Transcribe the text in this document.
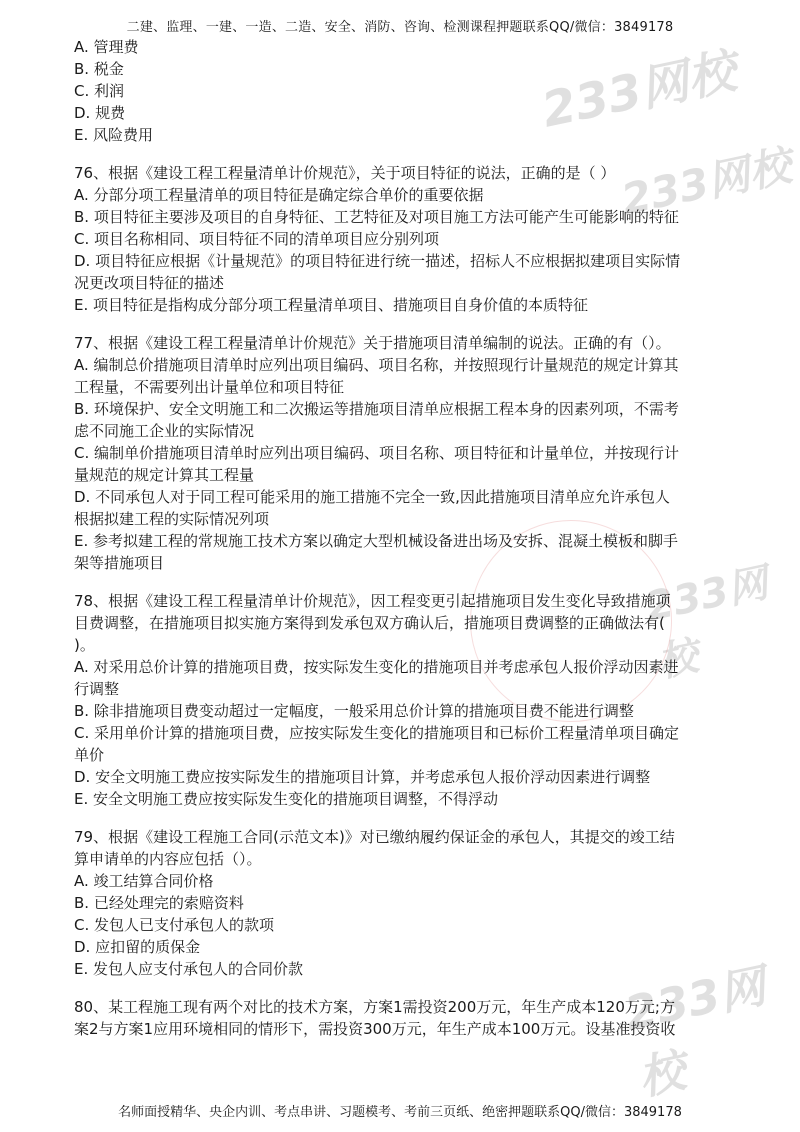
二建、监理、一建、一造、二造、安全、消防、咨询、检测课程押题联系QQ/微信：3849178
233网校
233网校
233网校
233网校
A. 管理费
B. 税金
C. 利润
D. 规费
E. 风险费用
76、根据《建设工程工程量清单计价规范》，关于项目特征的说法，正确的是（ ）
A. 分部分项工程量清单的项目特征是确定综合单价的重要依据
B. 项目特征主要涉及项目的自身特征、工艺特征及对项目施工方法可能产生可能影响的特征
C. 项目名称相同、项目特征不同的清单项目应分别列项
D. 项目特征应根据《计量规范》的项目特征进行统一描述，招标人不应根据拟建项目实际情
况更改项目特征的描述
E. 项目特征是指构成分部分项工程量清单项目、措施项目自身价值的本质特征
77、根据《建设工程工程量清单计价规范》关于措施项目清单编制的说法。正确的有（）。
A. 编制总价措施项目清单时应列出项目编码、项目名称，并按照现行计量规范的规定计算其
工程量，不需要列出计量单位和项目特征
B. 环境保护、安全文明施工和二次搬运等措施项目清单应根据工程本身的因素列项，不需考
虑不同施工企业的实际情况
C. 编制单价措施项目清单时应列出项目编码、项目名称、项目特征和计量单位，并按现行计
量规范的规定计算其工程量
D. 不同承包人对于同工程可能采用的施工措施不完全一致,因此措施项目清单应允许承包人
根据拟建工程的实际情况列项
E. 参考拟建工程的常规施工技术方案以确定大型机械设备进出场及安拆、混凝土模板和脚手
架等措施项目
78、根据《建设工程工程量清单计价规范》，因工程变更引起措施项目发生变化导致措施项
目费调整，在措施项目拟实施方案得到发承包双方确认后，措施项目费调整的正确做法有(
)。
A. 对采用总价计算的措施项目费，按实际发生变化的措施项目并考虑承包人报价浮动因素进
行调整
B. 除非措施项目费变动超过一定幅度，一般采用总价计算的措施项目费不能进行调整
C. 采用单价计算的措施项目费，应按实际发生变化的措施项目和已标价工程量清单项目确定
单价
D. 安全文明施工费应按实际发生的措施项目计算，并考虑承包人报价浮动因素进行调整
E. 安全文明施工费应按实际发生变化的措施项目调整，不得浮动
79、根据《建设工程施工合同(示范文本)》对已缴纳履约保证金的承包人，其提交的竣工结
算申请单的内容应包括（）。
A. 竣工结算合同价格
B. 已经处理完的索赔资料
C. 发包人已支付承包人的款项
D. 应扣留的质保金
E. 发包人应支付承包人的合同价款
80、某工程施工现有两个对比的技术方案，方案1需投资200万元，年生产成本120万元;方
案2与方案1应用环境相同的情形下，需投资300万元，年生产成本100万元。设基准投资收
名师面授精华、央企内训、考点串讲、习题模考、考前三页纸、绝密押题联系QQ/微信：3849178
